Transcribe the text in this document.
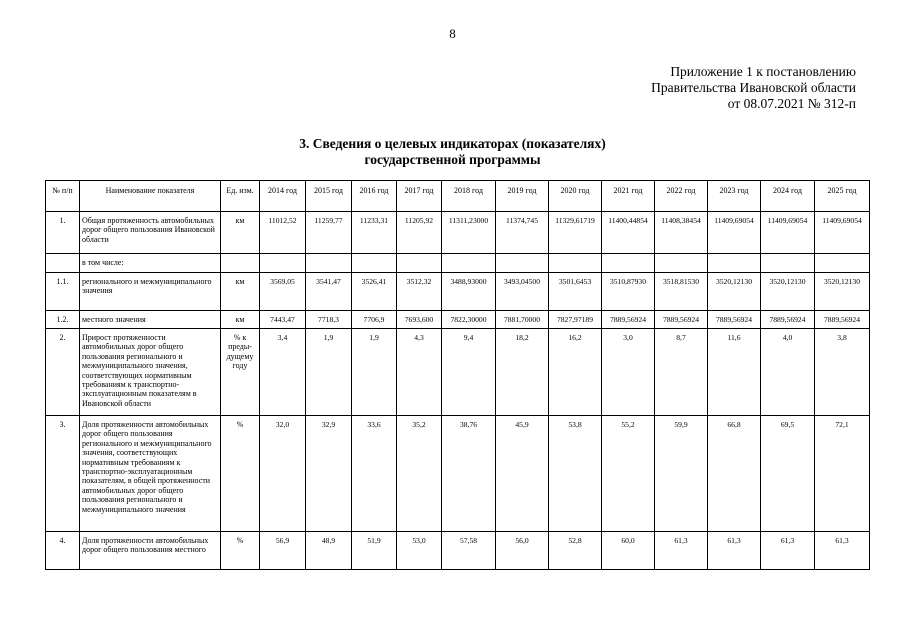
8
Приложение 1 к постановлению
Правительства Ивановской области
от 08.07.2021 № 312-п
3. Сведения о целевых индикаторах (показателях)
государственной программы
№ п/п	Наименование показателя	Ед. изм.	2014 год	2015 год	2016 год	2017 год	2018 год	2019 год	2020 год	2021 год	2022 год	2023 год	2024 год	2025 год
1.	Общая протяженность автомобильных дорог общего пользования Ивановской области	км	11012,52	11259,77	11233,31	11205,92	11311,23000	11374,745	11329,61719	11400,44854	11408,38454	11409,69054	11409,69054	11409,69054
	в том числе:													
1.1.	регионального и межмуниципального значения	км	3569,05	3541,47	3526,41	3512,32	3488,93000	3493,04500	3501,6453	3510,87930	3518,81530	3520,12130	3520,12130	3520,12130
1.2.	местного значения	км	7443,47	7718,3	7706,9	7693,600	7822,30000	7881,70000	7827,97189	7889,56924	7889,56924	7889,56924	7889,56924	7889,56924
2.	Прирост протяженности автомобильных дорог общего пользования регионального и межмуниципального значения, соответствующих нормативным требованиям к транспортно-эксплуатационным показателям в Ивановской области	% к преды-дущему году	3,4	1,9	1,9	4,3	9,4	18,2	16,2	3,0	8,7	11,6	4,0	3,8
3.	Доля протяженности автомобильных дорог общего пользования регионального и межмуниципального значения, соответствующих нормативным требованиям к транспортно-эксплуатационным показателям, в общей протяженности автомобильных дорог общего пользования регионального и межмуниципального значения	%	32,0	32,9	33,6	35,2	38,76	45,9	53,8	55,2	59,9	66,8	69,5	72,1
4.	Доля протяженности автомобильных дорог общего пользования местного	%	56,9	48,9	51,9	53,0	57,58	56,0	52,8	60,0	61,3	61,3	61,3	61,3
